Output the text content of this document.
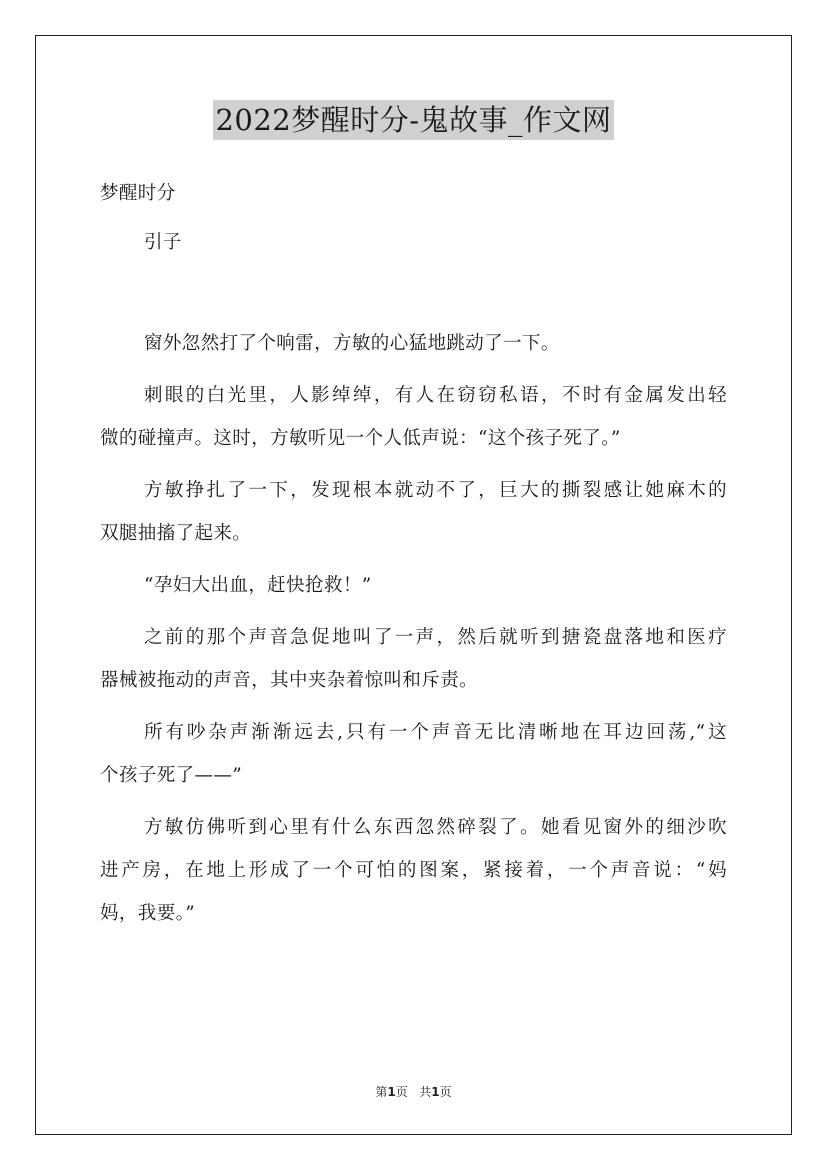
2022梦醒时分-鬼故事_作文网
梦醒时分
引子
窗外忽然打了个响雷，方敏的心猛地跳动了一下。
刺眼的白光里，人影绰绰，有人在窃窃私语，不时有金属发出轻
微的碰撞声。这时，方敏听见一个人低声说：“这个孩子死了。”
方敏挣扎了一下，发现根本就动不了，巨大的撕裂感让她麻木的
双腿抽搐了起来。
“孕妇大出血，赶快抢救！”
之前的那个声音急促地叫了一声，然后就听到搪瓷盘落地和医疗
器械被拖动的声音，其中夹杂着惊叫和斥责。
所有吵杂声渐渐远去,只有一个声音无比清晰地在耳边回荡,“这
个孩子死了——”
方敏仿佛听到心里有什么东西忽然碎裂了。她看见窗外的细沙吹
进产房，在地上形成了一个可怕的图案，紧接着，一个声音说：“妈
妈，我要。”
第1页 共1页
